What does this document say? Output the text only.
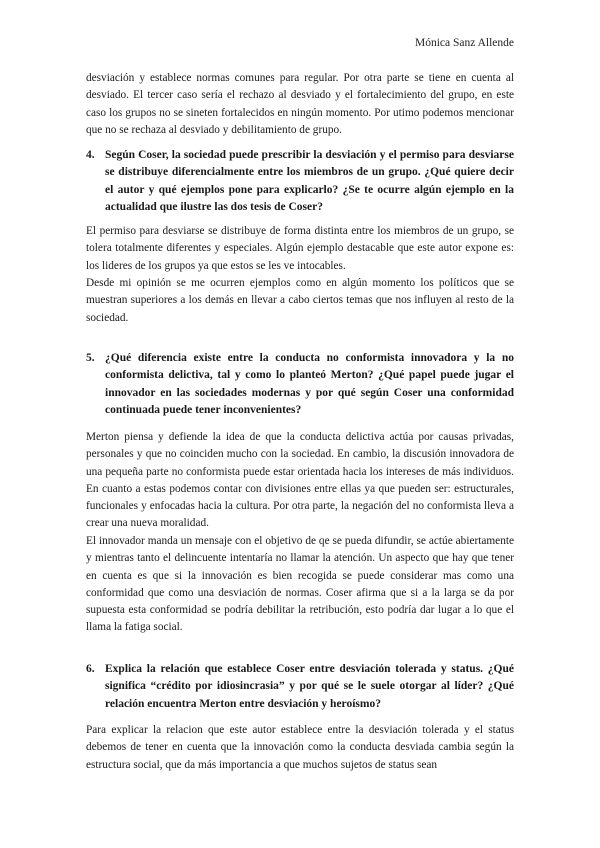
Mónica Sanz Allende

desviación y establece normas comunes para regular. Por otra parte se tiene en cuenta al desviado. El tercer caso sería el rechazo al desviado y el fortalecimiento del grupo, en este caso los grupos no se sineten fortalecidos en ningún momento. Por utimo podemos mencionar que no se rechaza al desviado y debilitamiento de grupo.

4. Según Coser, la sociedad puede prescribir la desviación y el permiso para desviarse se distribuye diferencialmente entre los miembros de un grupo. ¿Qué quiere decir el autor y qué ejemplos pone para explicarlo? ¿Se te ocurre algún ejemplo en la actualidad que ilustre las dos tesis de Coser?

El permiso para desviarse se distribuye de forma distinta entre los miembros de un grupo, se tolera totalmente diferentes y especiales. Algún ejemplo destacable que este autor expone es: los lideres de los grupos ya que estos se les ve intocables.

Desde mi opinión se me ocurren ejemplos como en algún momento los políticos que se muestran superiores a los demás en llevar a cabo ciertos temas que nos influyen al resto de la sociedad.

5. ¿Qué diferencia existe entre la conducta no conformista innovadora y la no conformista delictiva, tal y como lo planteó Merton? ¿Qué papel puede jugar el innovador en las sociedades modernas y por qué según Coser una conformidad continuada puede tener inconvenientes?

Merton piensa y defiende la idea de que la conducta delictiva actúa por causas privadas, personales y que no coinciden mucho con la sociedad. En cambio, la discusión innovadora de una pequeña parte no conformista puede estar orientada hacia los intereses de más individuos. En cuanto a estas podemos contar con divisiones entre ellas ya que pueden ser: estructurales, funcionales y enfocadas hacia la cultura. Por otra parte, la negación del no conformista lleva a crear una nueva moralidad.

El innovador manda un mensaje con el objetivo de qe se pueda difundir, se actúe abiertamente y mientras tanto el delincuente intentaría no llamar la atención. Un aspecto que hay que tener en cuenta es que si la innovación es bien recogida se puede considerar mas como una conformidad que como una desviación de normas. Coser afirma que si a la larga se da por supuesta esta conformidad se podría debilitar la retribución, esto podría dar lugar a lo que el llama la fatiga social.

6. Explica la relación que establece Coser entre desviación tolerada y status. ¿Qué significa “crédito por idiosincrasia” y por qué se le suele otorgar al líder? ¿Qué relación encuentra Merton entre desviación y heroísmo?

Para explicar la relacion que este autor establece entre la desviación tolerada y el status debemos de tener en cuenta que la innovación como la conducta desviada cambia según la estructura social, que da más importancia a que muchos sujetos de status sean
